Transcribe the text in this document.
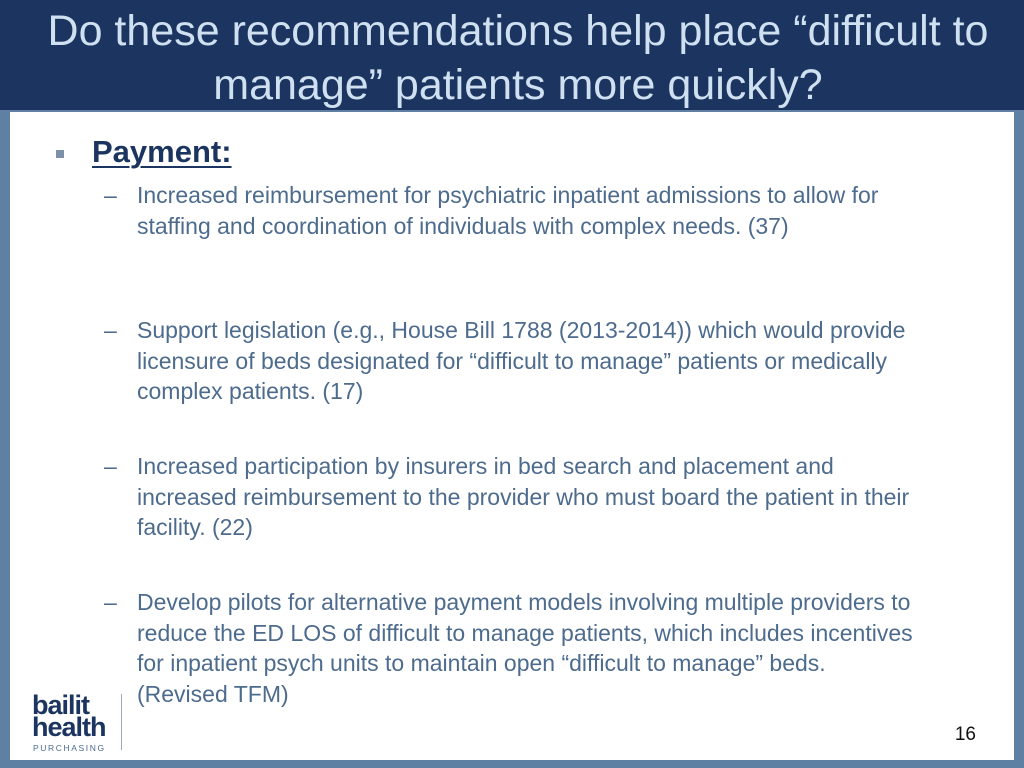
Do these recommendations help place “difficult to manage” patients more quickly?
Payment:
– Increased reimbursement for psychiatric inpatient admissions to allow for staffing and coordination of individuals with complex needs. (37)
– Support legislation (e.g., House Bill 1788 (2013-2014)) which would provide licensure of beds designated for “difficult to manage” patients or medically complex patients. (17)
– Increased participation by insurers in bed search and placement and increased reimbursement to the provider who must board the patient in their facility. (22)
– Develop pilots for alternative payment models involving multiple providers to reduce the ED LOS of difficult to manage patients, which includes incentives for inpatient psych units to maintain open “difficult to manage” beds. (Revised TFM)
bailit
health
PURCHASING
16
